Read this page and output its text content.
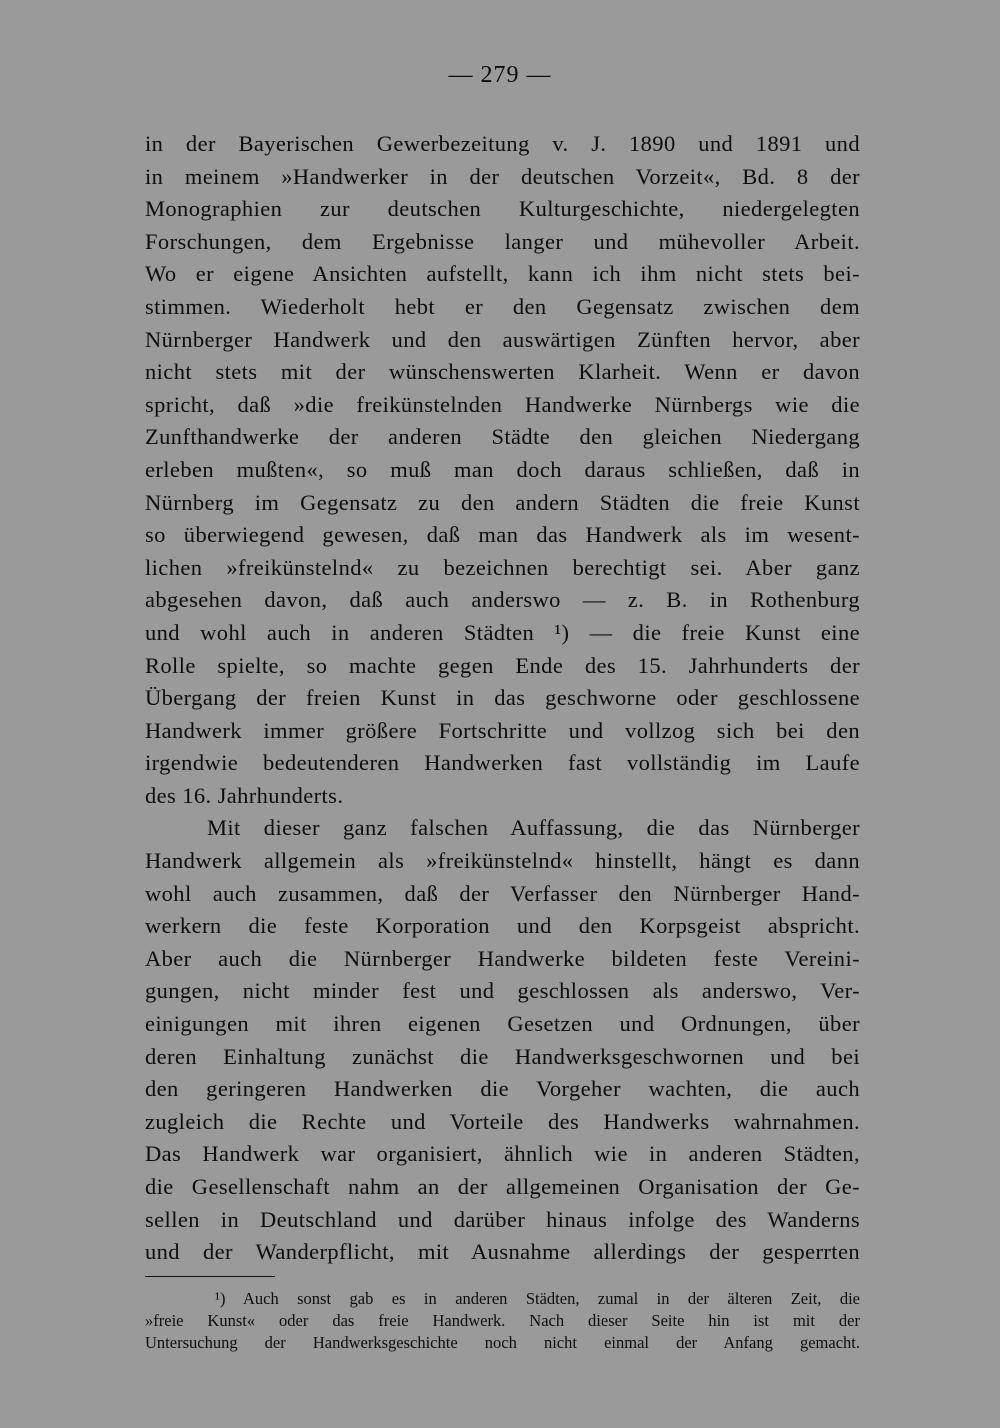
— 279 —
in der Bayerischen Gewerbezeitung v. J. 1890 und 1891 und
in meinem »Handwerker in der deutschen Vorzeit«, Bd. 8 der
Monographien zur deutschen Kulturgeschichte, niedergelegten
Forschungen, dem Ergebnisse langer und mühevoller Arbeit.
Wo er eigene Ansichten aufstellt, kann ich ihm nicht stets bei-
stimmen. Wiederholt hebt er den Gegensatz zwischen dem
Nürnberger Handwerk und den auswärtigen Zünften hervor, aber
nicht stets mit der wünschenswerten Klarheit. Wenn er davon
spricht, daß »die freikünstelnden Handwerke Nürnbergs wie die
Zunfthandwerke der anderen Städte den gleichen Niedergang
erleben mußten«, so muß man doch daraus schließen, daß in
Nürnberg im Gegensatz zu den andern Städten die freie Kunst
so überwiegend gewesen, daß man das Handwerk als im wesent-
lichen »freikünstelnd« zu bezeichnen berechtigt sei. Aber ganz
abgesehen davon, daß auch anderswo — z. B. in Rothenburg
und wohl auch in anderen Städten ¹) — die freie Kunst eine
Rolle spielte, so machte gegen Ende des 15. Jahrhunderts der
Übergang der freien Kunst in das geschworne oder geschlossene
Handwerk immer größere Fortschritte und vollzog sich bei den
irgendwie bedeutenderen Handwerken fast vollständig im Laufe
des 16. Jahrhunderts.
Mit dieser ganz falschen Auffassung, die das Nürnberger
Handwerk allgemein als »freikünstelnd« hinstellt, hängt es dann
wohl auch zusammen, daß der Verfasser den Nürnberger Hand-
werkern die feste Korporation und den Korpsgeist abspricht.
Aber auch die Nürnberger Handwerke bildeten feste Vereini-
gungen, nicht minder fest und geschlossen als anderswo, Ver-
einigungen mit ihren eigenen Gesetzen und Ordnungen, über
deren Einhaltung zunächst die Handwerksgeschwornen und bei
den geringeren Handwerken die Vorgeher wachten, die auch
zugleich die Rechte und Vorteile des Handwerks wahrnahmen.
Das Handwerk war organisiert, ähnlich wie in anderen Städten,
die Gesellenschaft nahm an der allgemeinen Organisation der Ge-
sellen in Deutschland und darüber hinaus infolge des Wanderns
und der Wanderpflicht, mit Ausnahme allerdings der gesperrten
¹) Auch sonst gab es in anderen Städten, zumal in der älteren Zeit, die
»freie Kunst« oder das freie Handwerk. Nach dieser Seite hin ist mit der
Untersuchung der Handwerksgeschichte noch nicht einmal der Anfang gemacht.
